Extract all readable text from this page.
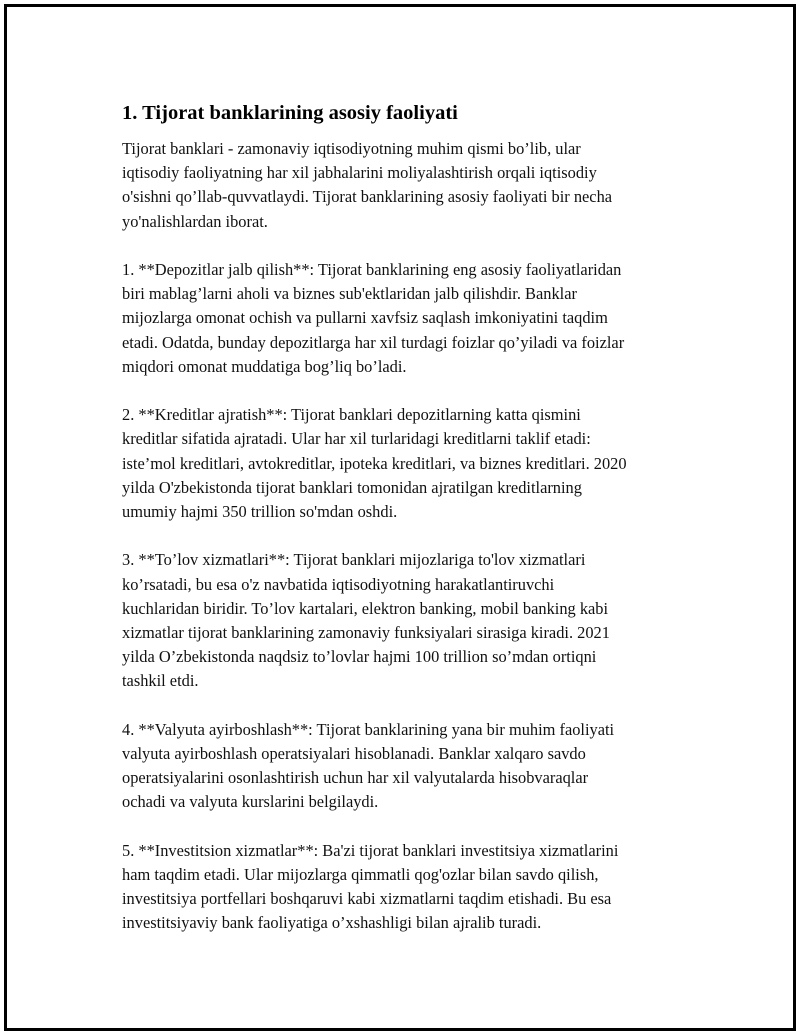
1. Tijorat banklarining asosiy faoliyati

Tijorat banklari - zamonaviy iqtisodiyotning muhim qismi bo’lib, ular
iqtisodiy faoliyatning har xil jabhalarini moliyalashtirish orqali iqtisodiy
o'sishni qo’llab-quvvatlaydi. Tijorat banklarining asosiy faoliyati bir necha
yo'nalishlardan iborat.

1. **Depozitlar jalb qilish**: Tijorat banklarining eng asosiy faoliyatlaridan
biri mablag’larni aholi va biznes sub'ektlaridan jalb qilishdir. Banklar
mijozlarga omonat ochish va pullarni xavfsiz saqlash imkoniyatini taqdim
etadi. Odatda, bunday depozitlarga har xil turdagi foizlar qo’yiladi va foizlar
miqdori omonat muddatiga bog’liq bo’ladi.

2. **Kreditlar ajratish**: Tijorat banklari depozitlarning katta qismini
kreditlar sifatida ajratadi. Ular har xil turlaridagi kreditlarni taklif etadi:
iste’mol kreditlari, avtokreditlar, ipoteka kreditlari, va biznes kreditlari. 2020
yilda O'zbekistonda tijorat banklari tomonidan ajratilgan kreditlarning
umumiy hajmi 350 trillion so'mdan oshdi.

3. **To’lov xizmatlari**: Tijorat banklari mijozlariga to'lov xizmatlari
ko’rsatadi, bu esa o'z navbatida iqtisodiyotning harakatlantiruvchi
kuchlaridan biridir. To’lov kartalari, elektron banking, mobil banking kabi
xizmatlar tijorat banklarining zamonaviy funksiyalari sirasiga kiradi. 2021
yilda O’zbekistonda naqdsiz to’lovlar hajmi 100 trillion so’mdan ortiqni
tashkil etdi.

4. **Valyuta ayirboshlash**: Tijorat banklarining yana bir muhim faoliyati
valyuta ayirboshlash operatsiyalari hisoblanadi. Banklar xalqaro savdo
operatsiyalarini osonlashtirish uchun har xil valyutalarda hisobvaraqlar
ochadi va valyuta kurslarini belgilaydi.

5. **Investitsion xizmatlar**: Ba'zi tijorat banklari investitsiya xizmatlarini
ham taqdim etadi. Ular mijozlarga qimmatli qog'ozlar bilan savdo qilish,
investitsiya portfellari boshqaruvi kabi xizmatlarni taqdim etishadi. Bu esa
investitsiyaviy bank faoliyatiga o’xshashligi bilan ajralib turadi.
